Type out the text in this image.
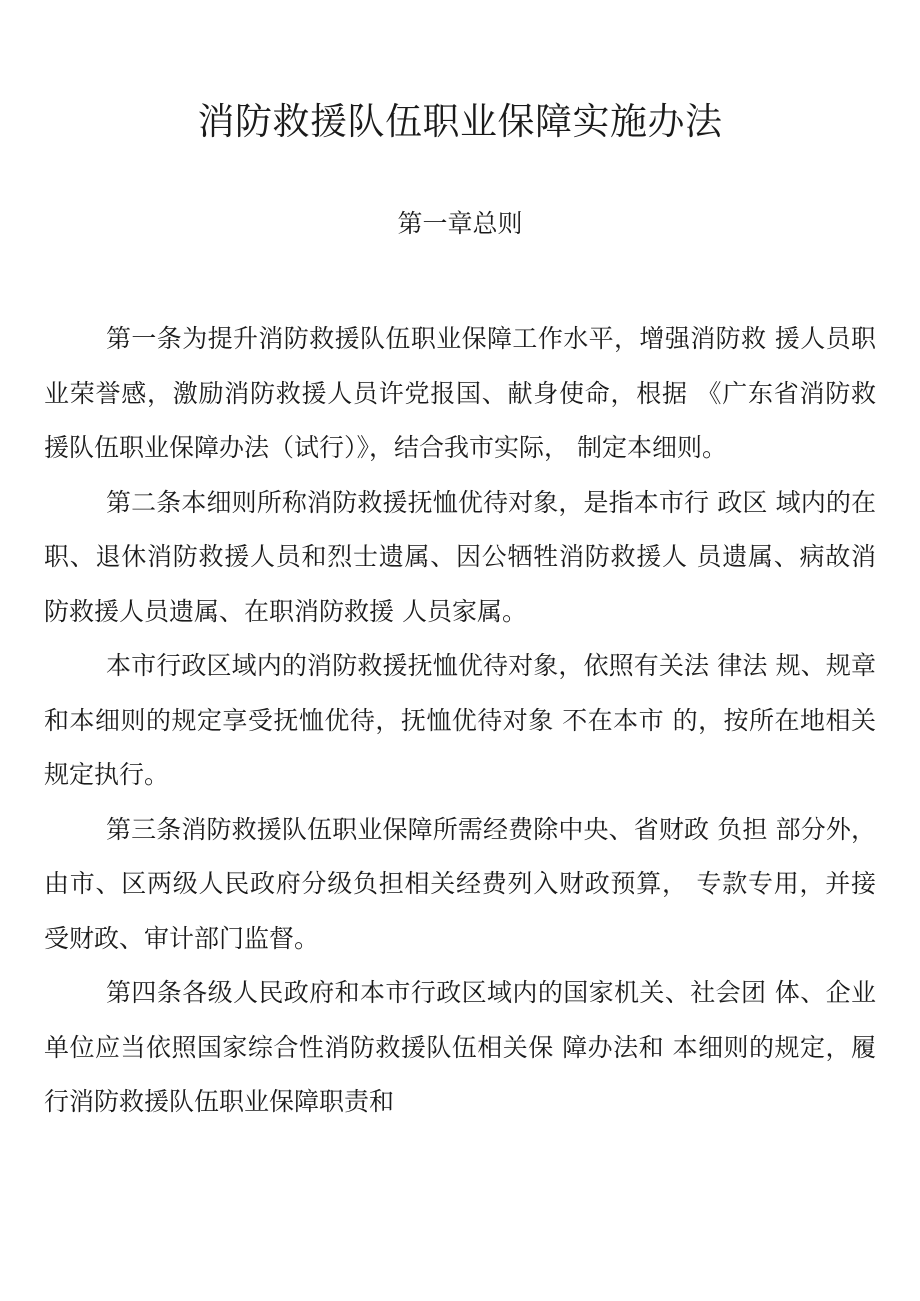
消防救援队伍职业保障实施办法
第一章总则

第一条为提升消防救援队伍职业保障工作水平，增强消防救 援人员职业荣誉感，激励消防救援人员许党报国、献身使命，根据 《广东省消防救援队伍职业保障办法（试行）》，结合我市实际， 制定本细则。

第二条本细则所称消防救援抚恤优待对象，是指本市行 政区 域内的在职、退休消防救援人员和烈士遗属、因公牺牲消防救援人 员遗属、病故消防救援人员遗属、在职消防救援 人员家属。

本市行政区域内的消防救援抚恤优待对象，依照有关法 律法 规、规章和本细则的规定享受抚恤优待，抚恤优待对象 不在本市 的，按所在地相关规定执行。

第三条消防救援队伍职业保障所需经费除中央、省财政 负担 部分外，由市、区两级人民政府分级负担相关经费列入财政预算， 专款专用，并接受财政、审计部门监督。

第四条各级人民政府和本市行政区域内的国家机关、社会团 体、企业单位应当依照国家综合性消防救援队伍相关保 障办法和 本细则的规定，履行消防救援队伍职业保障职责和
